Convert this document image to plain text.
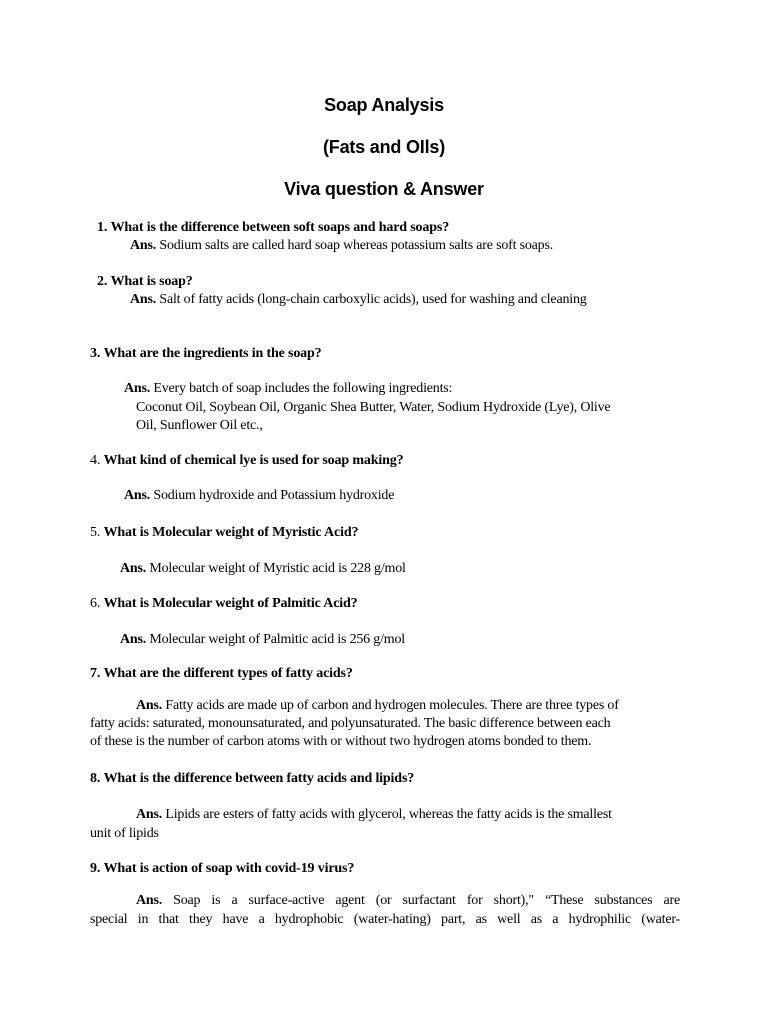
Soap Analysis
(Fats and OIls)
Viva question & Answer
1. What is the difference between soft soaps and hard soaps?
Ans. Sodium salts are called hard soap whereas potassium salts are soft soaps.
2. What is soap?
Ans. Salt of fatty acids (long-chain carboxylic acids), used for washing and cleaning
3. What are the ingredients in the soap?
Ans. Every batch of soap includes the following ingredients:
Coconut Oil, Soybean Oil, Organic Shea Butter, Water, Sodium Hydroxide (Lye), Olive
Oil, Sunflower Oil etc.,
4. What kind of chemical lye is used for soap making?
Ans. Sodium hydroxide and Potassium hydroxide
5. What is Molecular weight of Myristic Acid?
Ans. Molecular weight of Myristic acid is 228 g/mol
6. What is Molecular weight of Palmitic Acid?
Ans. Molecular weight of Palmitic acid is 256 g/mol
7. What are the different types of fatty acids?
Ans. Fatty acids are made up of carbon and hydrogen molecules. There are three types of
fatty acids: saturated, monounsaturated, and polyunsaturated. The basic difference between each
of these is the number of carbon atoms with or without two hydrogen atoms bonded to them.
8. What is the difference between fatty acids and lipids?
Ans. Lipids are esters of fatty acids with glycerol, whereas the fatty acids is the smallest
unit of lipids
9. What is action of soap with covid-19 virus?
Ans. Soap is a surface-active agent (or surfactant for short)," “These substances are
special in that they have a hydrophobic (water-hating) part, as well as a hydrophilic (water-
